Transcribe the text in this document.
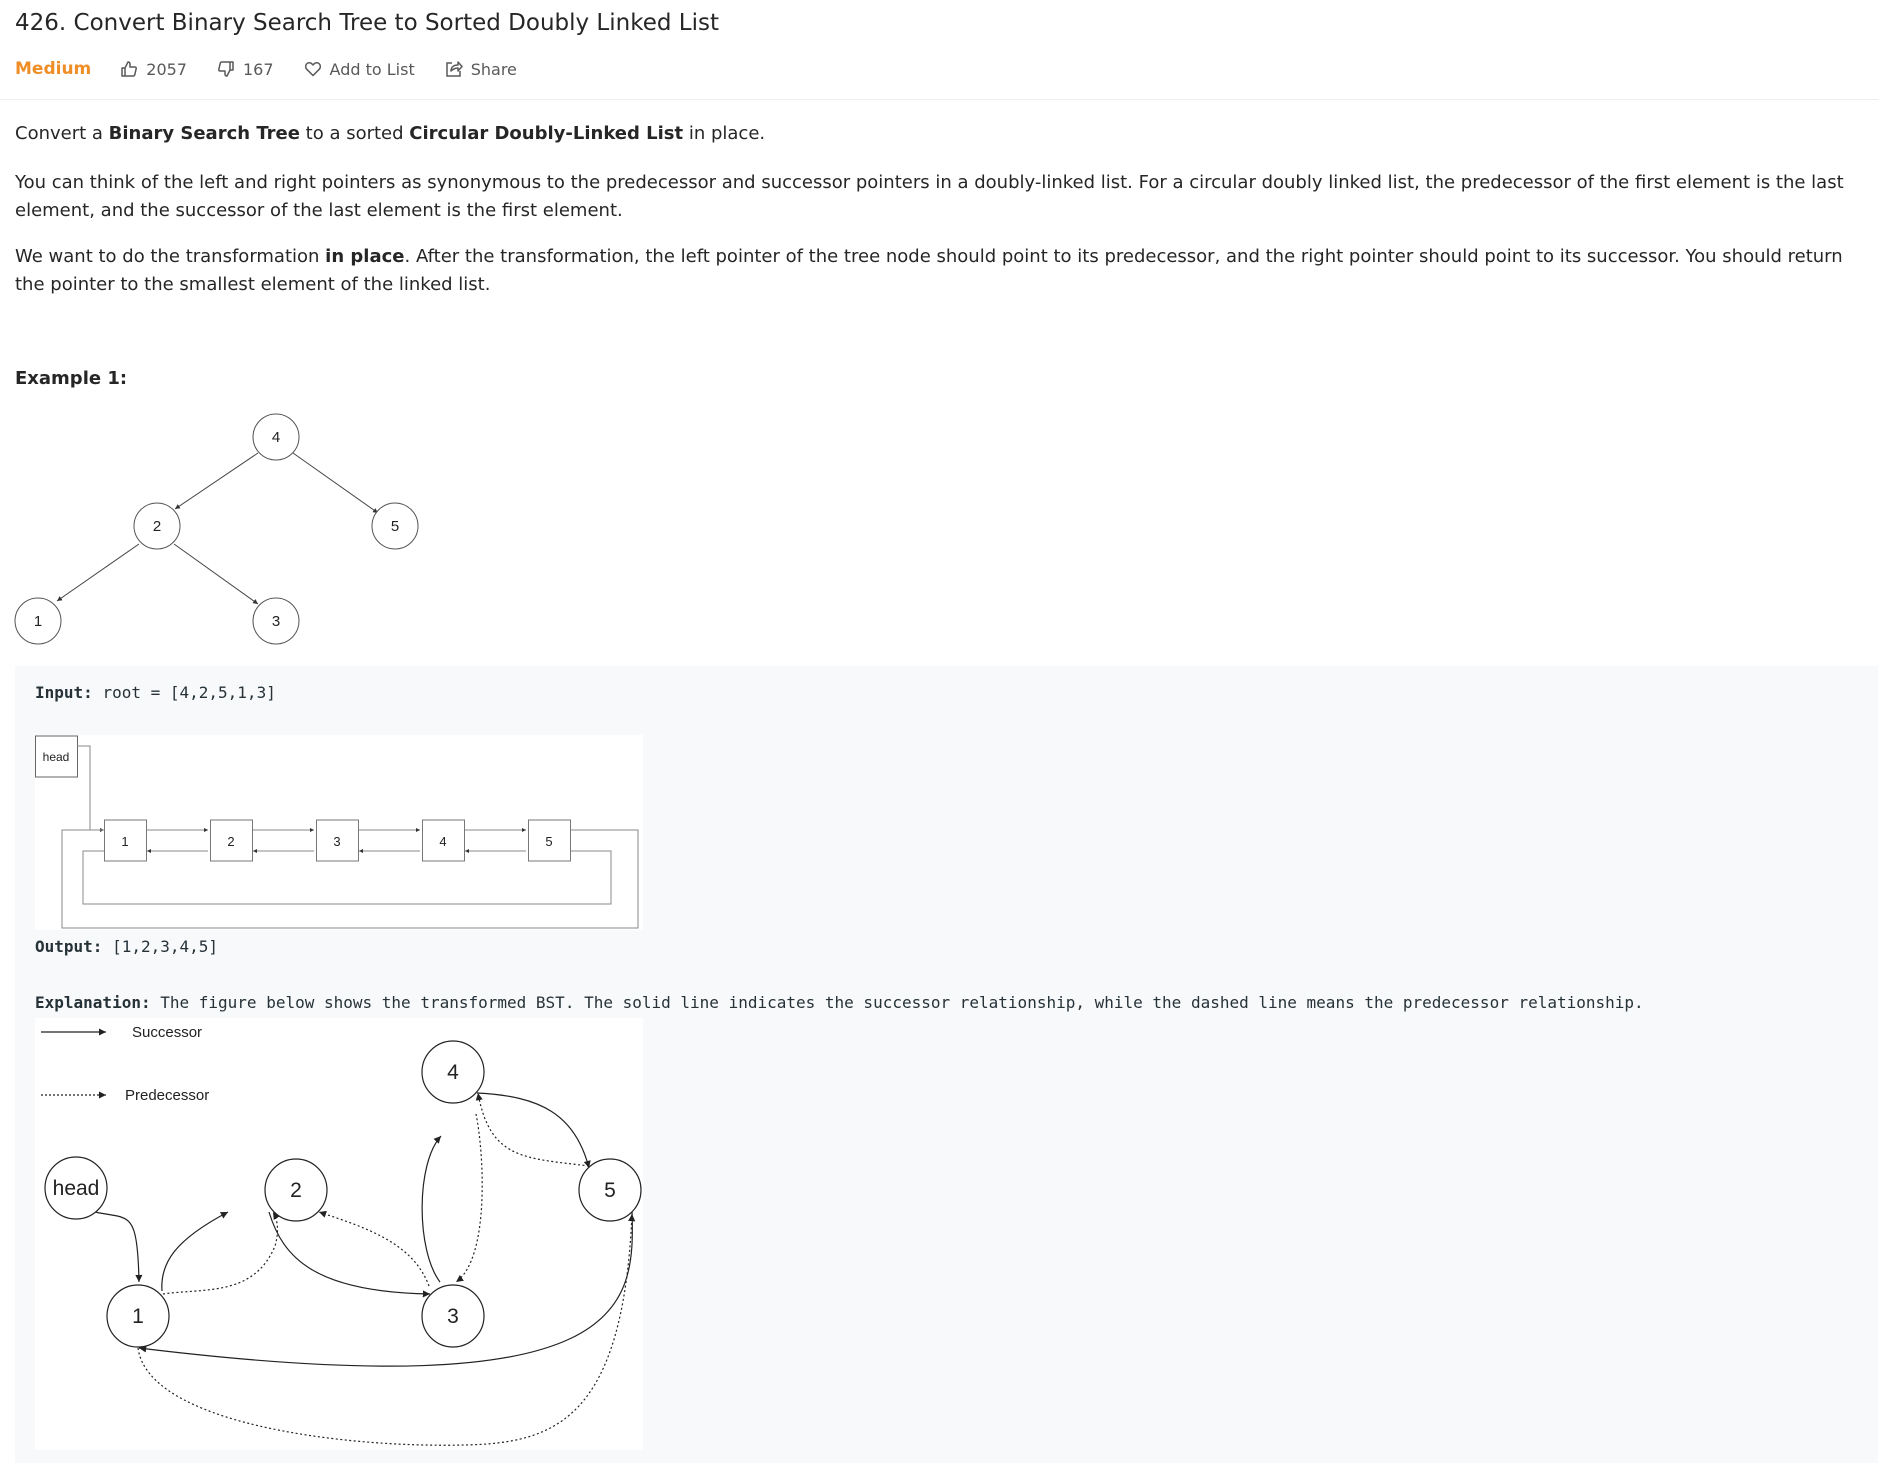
426. Convert Binary Search Tree to Sorted Doubly Linked List
Medium	2057	167	Add to List	Share
Convert a Binary Search Tree to a sorted Circular Doubly-Linked List in place.
You can think of the left and right pointers as synonymous to the predecessor and successor pointers in a doubly-linked list. For a circular doubly linked list, the predecessor of the first element is the last element, and the successor of the last element is the first element.
We want to do the transformation in place. After the transformation, the left pointer of the tree node should point to its predecessor, and the right pointer should point to its successor. You should return the pointer to the smallest element of the linked list.
Example 1:
4
2	5
1	3
Input: root = [4,2,5,1,3]
head
1	2	3	4	5
Output: [1,2,3,4,5]
Explanation: The figure below shows the transformed BST. The solid line indicates the successor relationship, while the dashed line means the predecessor relationship.
Successor
Predecessor
head
1
2
3
4
5
